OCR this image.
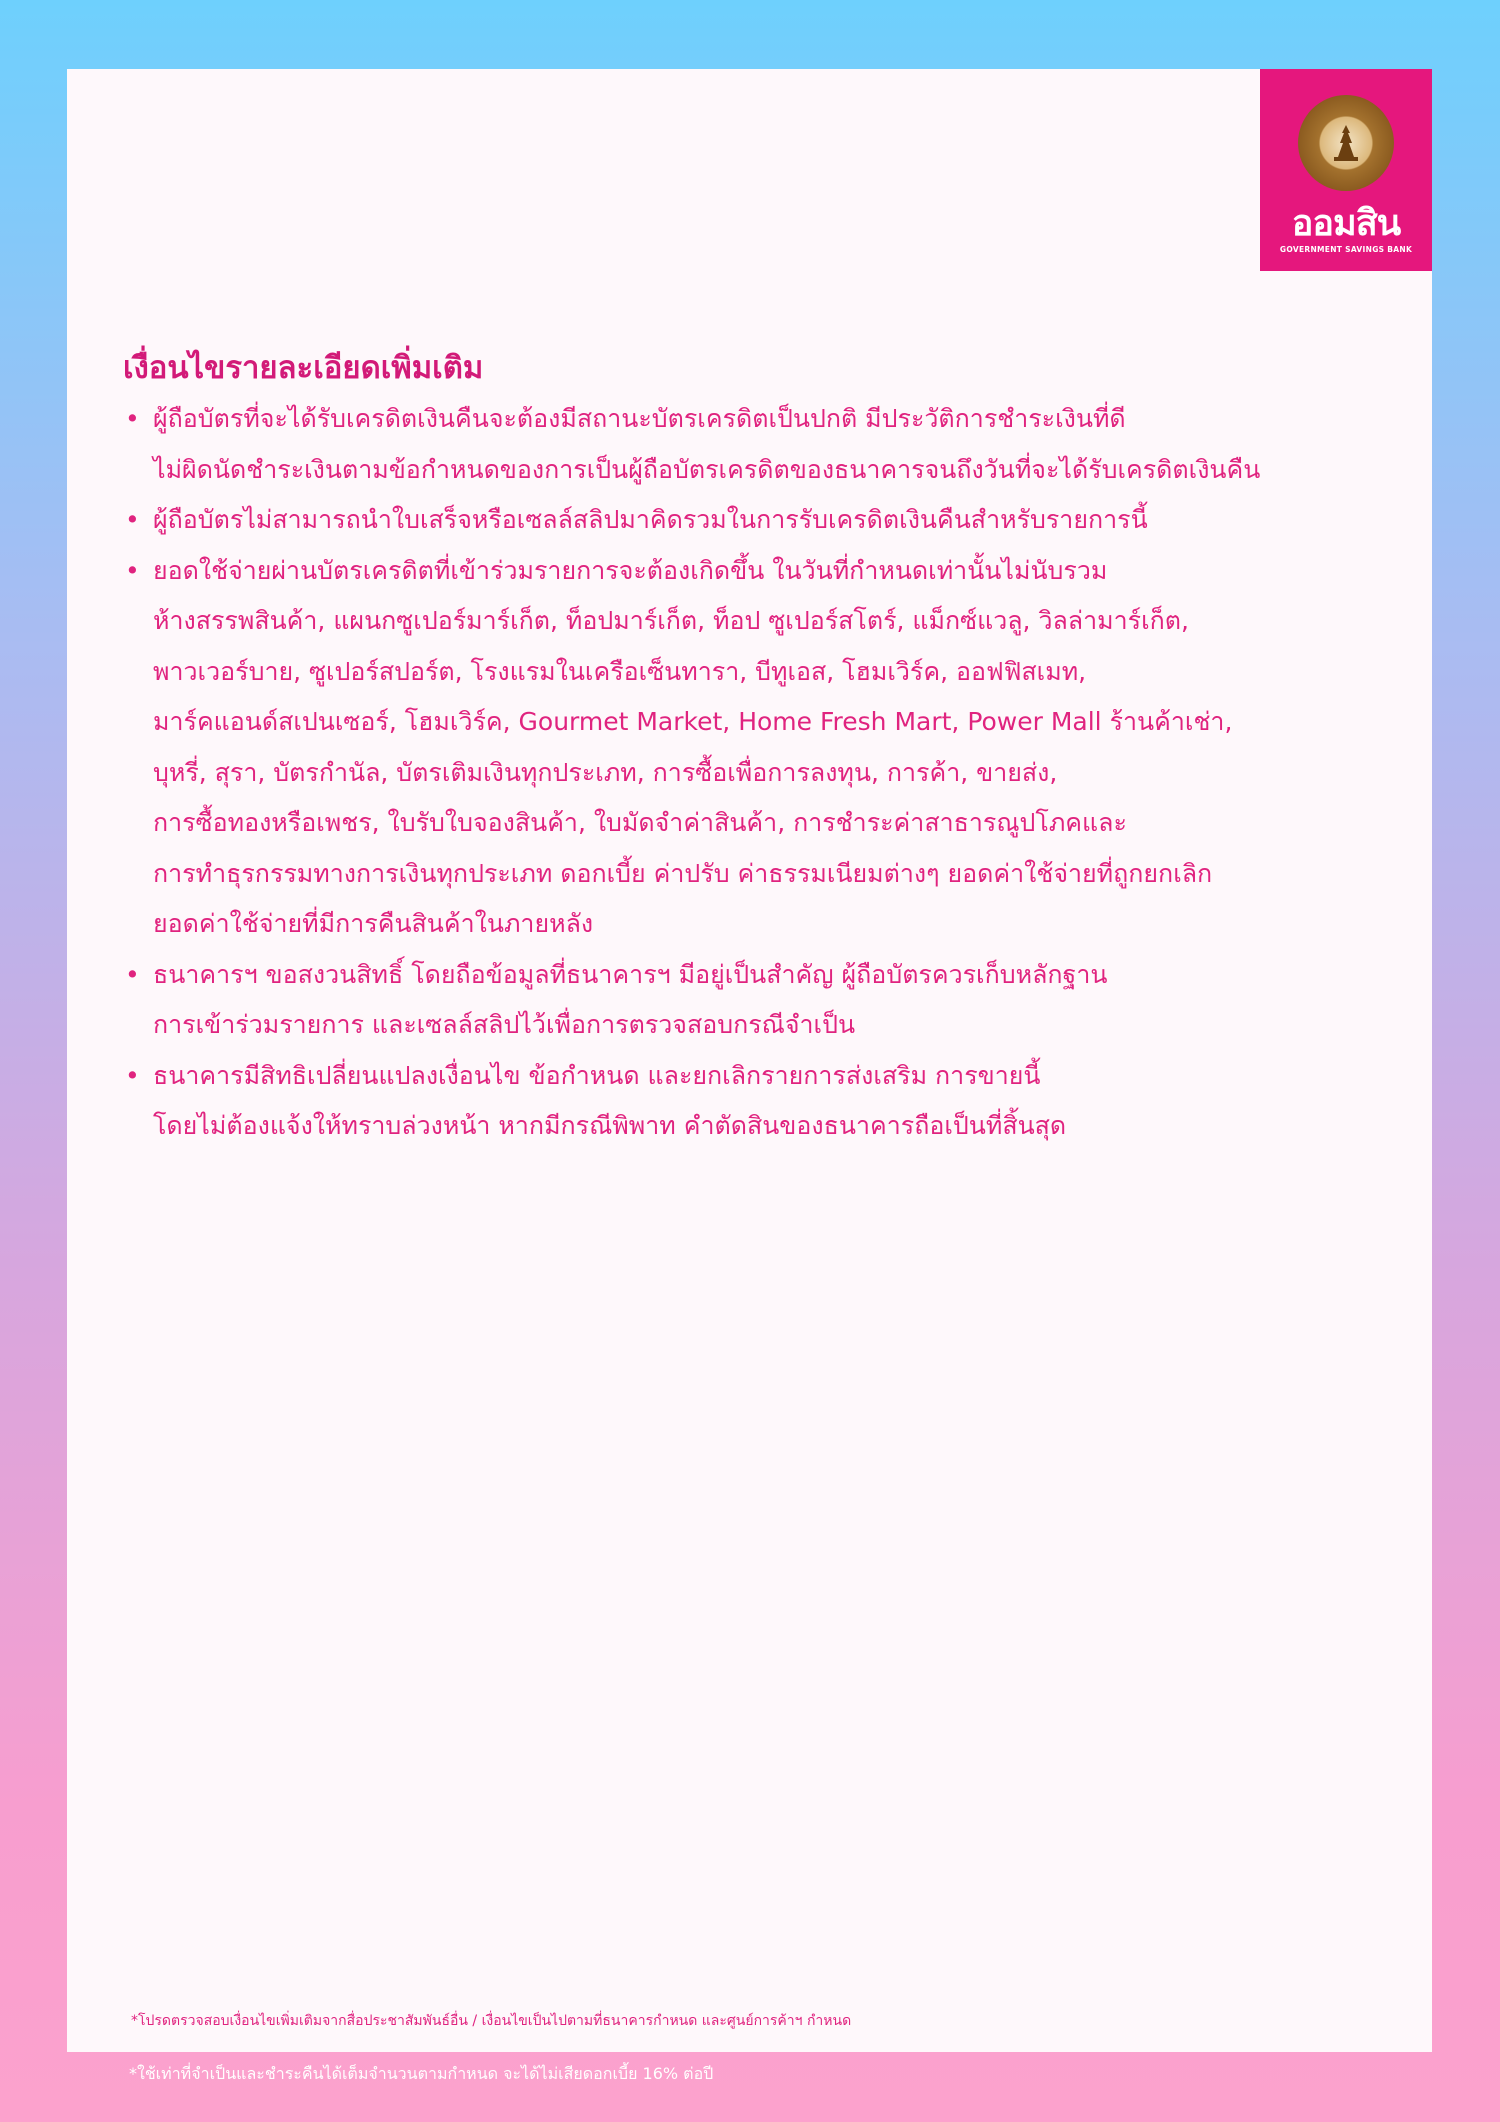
ออมสิน
GOVERNMENT SAVINGS BANK
เงื่อนไขรายละเอียดเพิ่มเติม
• ผู้ถือบัตรที่จะได้รับเครดิตเงินคืนจะต้องมีสถานะบัตรเครดิตเป็นปกติ มีประวัติการชำระเงินที่ดี
ไม่ผิดนัดชำระเงินตามข้อกำหนดของการเป็นผู้ถือบัตรเครดิตของธนาคารจนถึงวันที่จะได้รับเครดิตเงินคืน
• ผู้ถือบัตรไม่สามารถนำใบเสร็จหรือเซลล์สลิปมาคิดรวมในการรับเครดิตเงินคืนสำหรับรายการนี้
• ยอดใช้จ่ายผ่านบัตรเครดิตที่เข้าร่วมรายการจะต้องเกิดขึ้น ในวันที่กำหนดเท่านั้นไม่นับรวม
ห้างสรรพสินค้า, แผนกซูเปอร์มาร์เก็ต, ท็อปมาร์เก็ต, ท็อป ซูเปอร์สโตร์, แม็กซ์แวลู, วิลล่ามาร์เก็ต,
พาวเวอร์บาย, ซูเปอร์สปอร์ต, โรงแรมในเครือเซ็นทารา, บีทูเอส, โฮมเวิร์ค, ออฟฟิสเมท,
มาร์คแอนด์สเปนเซอร์, โฮมเวิร์ค, Gourmet Market, Home Fresh Mart, Power Mall ร้านค้าเช่า,
บุหรี่, สุรา, บัตรกำนัล, บัตรเติมเงินทุกประเภท, การซื้อเพื่อการลงทุน, การค้า, ขายส่ง,
การซื้อทองหรือเพชร, ใบรับใบจองสินค้า, ใบมัดจำค่าสินค้า, การชำระค่าสาธารณูปโภคและ
การทำธุรกรรมทางการเงินทุกประเภท ดอกเบี้ย ค่าปรับ ค่าธรรมเนียมต่างๆ ยอดค่าใช้จ่ายที่ถูกยกเลิก
ยอดค่าใช้จ่ายที่มีการคืนสินค้าในภายหลัง
• ธนาคารฯ ขอสงวนสิทธิ์ โดยถือข้อมูลที่ธนาคารฯ มีอยู่เป็นสำคัญ ผู้ถือบัตรควรเก็บหลักฐาน
การเข้าร่วมรายการ และเซลล์สลิปไว้เพื่อการตรวจสอบกรณีจำเป็น
• ธนาคารมีสิทธิเปลี่ยนแปลงเงื่อนไข ข้อกำหนด และยกเลิกรายการส่งเสริม การขายนี้
โดยไม่ต้องแจ้งให้ทราบล่วงหน้า หากมีกรณีพิพาท คำตัดสินของธนาคารถือเป็นที่สิ้นสุด
*โปรดตรวจสอบเงื่อนไขเพิ่มเติมจากสื่อประชาสัมพันธ์อื่น / เงื่อนไขเป็นไปตามที่ธนาคารกำหนด และศูนย์การค้าฯ กำหนด
*ใช้เท่าที่จำเป็นและชำระคืนได้เต็มจำนวนตามกำหนด จะได้ไม่เสียดอกเบี้ย 16% ต่อปี
